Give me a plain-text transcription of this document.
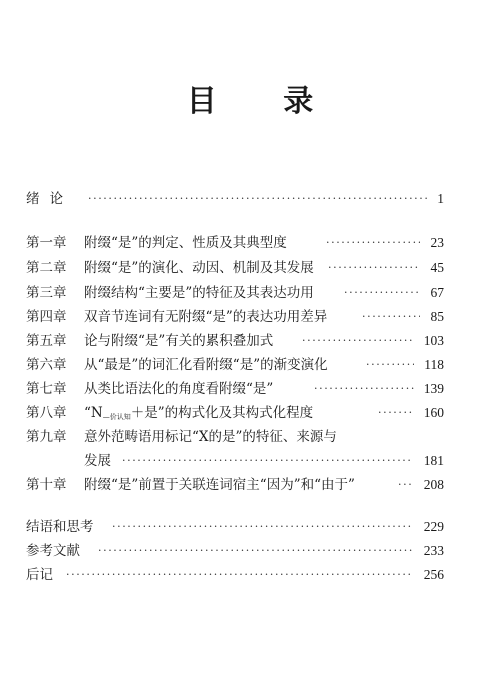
目 录
绪论 ·····	1
第一章 附缀“是”的判定、性质及其典型度 ·····	23
第二章 附缀“是”的演化、动因、机制及其发展 ·····	45
第三章 附缀结构“主要是”的特征及其表达功用 ·····	67
第四章 双音节连词有无附缀“是”的表达功用差异 ·····	85
第五章 论与附缀“是”有关的累积叠加式 ·····	103
第六章 从“最是”的词汇化看附缀“是”的渐变演化 ·····	118
第七章 从类比语法化的角度看附缀“是” ·····	139
第八章 “$N_{—价认知}+$是”的构式化及其构式化程度 ·····	160
第九章 意外范畴语用标记“X的是”的特征、来源与
发展 ·····	181
第十章 附缀“是”前置于关联连词宿主“因为”和“由于” ·····	208
结语和思考 ·····	229
参考文献 ·····	233
后记 ·····	256
